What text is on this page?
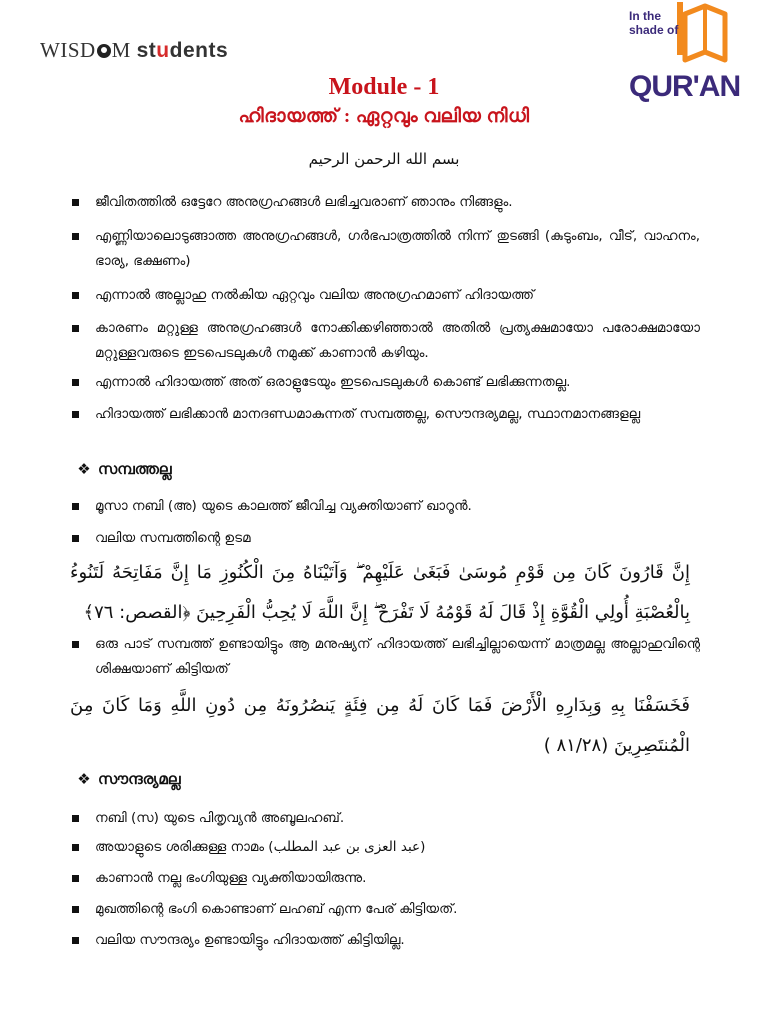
WISD M students
In the
shade of
QUR'AN
Module - 1
ഹിദായത്ത് : ഏറ്റവും വലിയ നിധി
بسم الله الرحمن الرحيم
ജീവിതത്തിൽ ഒട്ടേറേ അനുഗ്രഹങ്ങൾ ലഭിച്ചവരാണ് ഞാനും നിങ്ങളും.
എണ്ണിയാലൊടുങ്ങാത്ത അനുഗ്രഹങ്ങൾ, ഗർഭപാത്രത്തിൽ നിന്ന് തുടങ്ങി (കുടുംബം, വീട്, വാഹനം, ഭാര്യ, ഭക്ഷണം)
എന്നാൽ അല്ലാഹു നൽകിയ ഏറ്റവും വലിയ അനുഗ്രഹമാണ് ഹിദായത്ത്
കാരണം മറ്റുള്ള അനുഗ്രഹങ്ങൾ നോക്കിക്കഴിഞ്ഞാൽ അതിൽ പ്രത്യക്ഷമായോ പരോക്ഷമായോ മറ്റുള്ളവരുടെ ഇടപെടലുകൾ നമുക്ക് കാണാൻ കഴിയും.
എന്നാൽ ഹിദായത്ത് അത് ഒരാളുടേയും ഇടപെടലുകൾ കൊണ്ട് ലഭിക്കുന്നതല്ല.
ഹിദായത്ത് ലഭിക്കാൻ മാനദണ്ഡമാകുന്നത് സമ്പത്തല്ല, സൌന്ദര്യമല്ല, സ്ഥാനമാനങ്ങളല്ല
❖ സമ്പത്തല്ല
മൂസാ നബി (അ) യുടെ കാലത്ത് ജീവിച്ച വ്യക്തിയാണ് ഖാറൂൻ.
വലിയ സമ്പത്തിന്റെ ഉടമ
إِنَّ قَارُونَ كَانَ مِن قَوْمِ مُوسَىٰ فَبَغَىٰ عَلَيْهِمْ ۖ وَآتَيْنَاهُ مِنَ الْكُنُوزِ مَا إِنَّ مَفَاتِحَهُ لَتَنُوءُ بِالْعُصْبَةِ أُولِي الْقُوَّةِ إِذْ قَالَ لَهُ قَوْمُهُ لَا تَفْرَحْ ۖ إِنَّ اللَّهَ لَا يُحِبُّ الْفَرِحِينَ ﴿القصص: ٧٦﴾
ഒരു പാട് സമ്പത്ത് ഉണ്ടായിട്ടും ആ മനുഷ്യന് ഹിദായത്ത് ലഭിച്ചില്ലായെന്ന് മാത്രമല്ല അല്ലാഹുവിന്റെ ശിക്ഷയാണ് കിട്ടിയത്
فَخَسَفْنَا بِهِ وَبِدَارِهِ الْأَرْضَ فَمَا كَانَ لَهُ مِن فِئَةٍ يَنصُرُونَهُ مِن دُونِ اللَّهِ وَمَا كَانَ مِنَ الْمُنتَصِرِينَ (٨١/٢٨ )
❖ സൗന്ദര്യമല്ല
നബി (സ) യുടെ പിതൃവ്യൻ അബൂലഹബ്.
അയാളുടെ ശരിക്കുള്ള നാമം (عبد العزى بن عبد المطلب)
കാണാൻ നല്ല ഭംഗിയുള്ള വ്യക്തിയായിരുന്നു.
മുഖത്തിന്റെ ഭംഗി കൊണ്ടാണ് ലഹബ് എന്ന പേര് കിട്ടിയത്.
വലിയ സൗന്ദര്യം ഉണ്ടായിട്ടും ഹിദായത്ത് കിട്ടിയില്ല.
